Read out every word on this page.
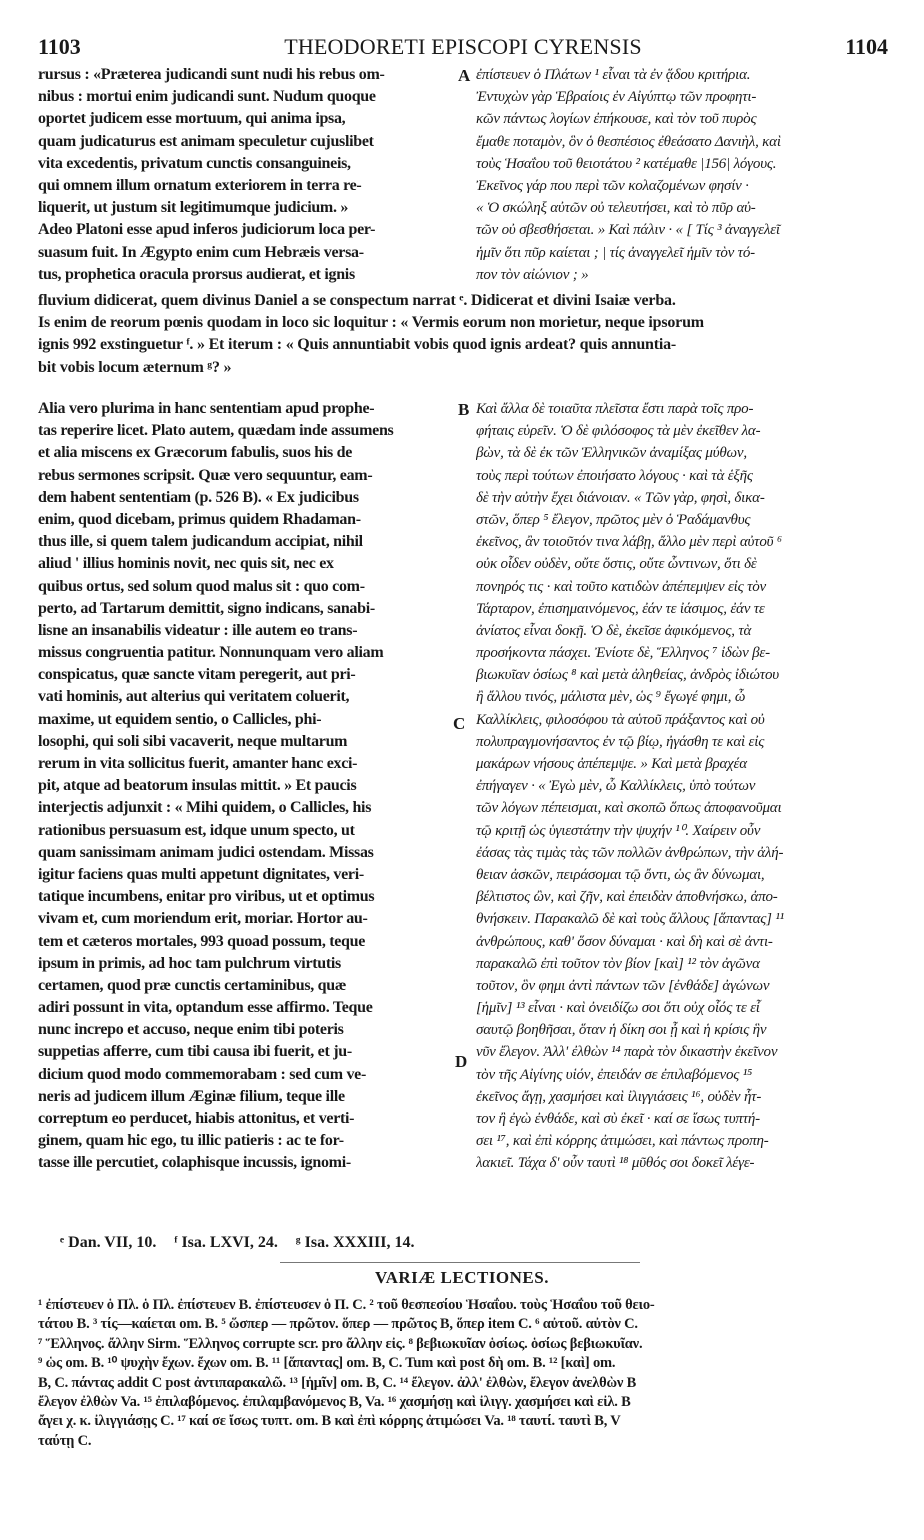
1103	THEODORETI EPISCOPI CYRENSIS	1104
rursus : «Præterea judicandi sunt nudi his rebus om-
nibus : mortui enim judicandi sunt. Nudum quoque
oportet judicem esse mortuum, qui anima ipsa,
quam judicaturus est animam speculetur cujuslibet
vita excedentis, privatum cunctis consanguineis,
qui omnem illum ornatum exteriorem in terra re-
liquerit, ut justum sit legitimumque judicium. »
Adeo Platoni esse apud inferos judiciorum loca per-
suasum fuit. In Ægypto enim cum Hebræis versa-
tus, prophetica oracula prorsus audierat, et ignis
A ἐπίστευεν ὁ Πλάτων ¹ εἶναι τὰ ἐν ᾅδου κριτήρια.
Ἐντυχὼν γὰρ Ἑβραίοις ἐν Αἰγύπτῳ τῶν προφητι-
κῶν πάντως λογίων ἐπήκουσε, καὶ τὸν τοῦ πυρὸς
ἔμαθε ποταμὸν, ὃν ὁ θεσπέσιος ἐθεάσατο Δανιὴλ, καὶ
τοὺς Ἡσαΐου τοῦ θειοτάτου ² κατέμαθε |156| λόγους.
Ἐκεῖνος γάρ που περὶ τῶν κολαζομένων φησίν ·
« Ὁ σκώληξ αὐτῶν οὐ τελευτήσει, καὶ τὸ πῦρ αὐ-
τῶν οὐ σβεσθήσεται. » Καὶ πάλιν · « [ Τίς ³ ἀναγγελεῖ
ἡμῖν ὅτι πῦρ καίεται ; | τίς ἀναγγελεῖ ἡμῖν τὸν τό-
πον τὸν αἰώνιον ; »
fluvium didicerat, quem divinus Daniel a se conspectum narrat ᵉ. Didicerat et divini Isaiæ verba.
Is enim de reorum pœnis quodam in loco sic loquitur : « Vermis eorum non morietur, neque ipsorum
ignis 992 exstinguetur ᶠ. » Et iterum : « Quis annuntiabit vobis quod ignis ardeat? quis annuntia-
bit vobis locum æternum ᵍ? »
Alia vero plurima in hanc sententiam apud prophe-
tas reperire licet. Plato autem, quædam inde assumens
et alia miscens ex Græcorum fabulis, suos his de
rebus sermones scripsit. Quæ vero sequuntur, eam-
dem habent sententiam (p. 526 B). « Ex judicibus
enim, quod dicebam, primus quidem Rhadaman-
thus ille, si quem talem judicandum accipiat, nihil
aliud ' illius hominis novit, nec quis sit, nec ex
quibus ortus, sed solum quod malus sit : quo com-
perto, ad Tartarum demittit, signo indicans, sanabi-
lisne an insanabilis videatur : ille autem eo trans-
missus congruentia patitur. Nonnunquam vero aliam
conspicatus, quæ sancte vitam peregerit, aut pri-
vati hominis, aut alterius qui veritatem coluerit,
maxime, ut equidem sentio, o Callicles, phi-
losophi, qui soli sibi vacaverit, neque multarum
rerum in vita sollicitus fuerit, amanter hanc exci-
pit, atque ad beatorum insulas mittit. » Et paucis
interjectis adjunxit : « Mihi quidem, o Callicles, his
rationibus persuasum est, idque unum specto, ut
quam sanissimam animam judici ostendam. Missas
igitur faciens quas multi appetunt dignitates, veri-
tatique incumbens, enitar pro viribus, ut et optimus
vivam et, cum moriendum erit, moriar. Hortor au-
tem et cæteros mortales, 993 quoad possum, teque
ipsum in primis, ad hoc tam pulchrum virtutis
certamen, quod præ cunctis certaminibus, quæ
adiri possunt in vita, optandum esse affirmo. Teque
nunc increpo et accuso, neque enim tibi poteris
suppetias afferre, cum tibi causa ibi fuerit, et ju-
dicium quod modo commemorabam : sed cum ve-
neris ad judicem illum Æginæ filium, teque ille
correptum eo perducet, hiabis attonitus, et verti-
ginem, quam hic ego, tu illic patieris : ac te for-
tasse ille percutiet, colaphisque incussis, ignomi-
Καὶ ἄλλα δὲ τοιαῦτα πλεῖστα ἔστι παρὰ τοῖς προ-
φήταις εὑρεῖν. Ὁ δὲ φιλόσοφος τὰ μὲν ἐκεῖθεν λα-
βὼν, τὰ δὲ ἐκ τῶν Ἑλληνικῶν ἀναμίξας μύθων,
τοὺς περὶ τούτων ἐποιήσατο λόγους · καὶ τὰ ἑξῆς
δὲ τὴν αὐτὴν ἔχει διάνοιαν. « Τῶν γὰρ, φησὶ, δικα-
στῶν, ὅπερ ⁵ ἔλεγον, πρῶτος μὲν ὁ Ῥαδάμανθυς
ἐκεῖνος, ἂν τοιοῦτόν τινα λάβῃ, ἄλλο μὲν περὶ αὐτοῦ ⁶
οὐκ οἶδεν οὐδὲν, οὔτε ὅστις, οὔτε ὧντινων, ὅτι δὲ
πονηρός τις · καὶ τοῦτο κατιδὼν ἀπέπεμψεν εἰς τὸν
Τάρταρον, ἐπισημαινόμενος, ἐάν τε ἰάσιμος, ἐάν τε
ἀνίατος εἶναι δοκῇ. Ὁ δὲ, ἐκεῖσε ἀφικόμενος, τὰ
προσήκοντα πάσχει. Ἐνίοτε δὲ, Ἕλληνος ⁷ ἰδὼν βε-
βιωκυῖαν ὁσίως ⁸ καὶ μετὰ ἀληθείας, ἀνδρὸς ἰδιώτου
ἢ ἄλλου τινός, μάλιστα μὲν, ὡς ⁹ ἔγωγέ φημι, ὦ
Καλλίκλεις, φιλοσόφου τὰ αὑτοῦ πράξαντος καὶ οὐ
πολυπραγμονήσαντος ἐν τῷ βίῳ, ἠγάσθη τε καὶ εἰς
μακάρων νήσους ἀπέπεμψε. » Καὶ μετὰ βραχέα
ἐπήγαγεν · « Ἐγὼ μὲν, ὦ Καλλίκλεις, ὑπὸ τούτων
τῶν λόγων πέπεισμαι, καὶ σκοπῶ ὅπως ἀποφανοῦμαι
τῷ κριτῇ ὡς ὑγιεστάτην τὴν ψυχήν ¹⁰. Χαίρειν οὖν
ἐάσας τὰς τιμὰς τὰς τῶν πολλῶν ἀνθρώπων, τὴν ἀλή-
θειαν ἀσκῶν, πειράσομαι τῷ ὄντι, ὡς ἂν δύνωμαι,
βέλτιστος ὢν, καὶ ζῆν, καὶ ἐπειδὰν ἀποθνήσκω, ἀπο-
θνήσκειν. Παρακαλῶ δὲ καὶ τοὺς ἄλλους [ἅπαντας] ¹¹
ἀνθρώπους, καθ' ὅσον δύναμαι · καὶ δὴ καὶ σὲ ἀντι-
παρακαλῶ ἐπὶ τοῦτον τὸν βίον [καὶ] ¹² τὸν ἀγῶνα
τοῦτον, ὃν φημι ἀντὶ πάντων τῶν [ἐνθάδε] ἀγώνων
[ἡμῖν] ¹³ εἶναι · καὶ ὀνειδίζω σοι ὅτι οὐχ οἷός τε εἶ
σαυτῷ βοηθῆσαι, ὅταν ἡ δίκη σοι ᾖ καὶ ἡ κρίσις ἣν
νῦν ἔλεγον. Ἀλλ' ἐλθὼν ¹⁴ παρὰ τὸν δικαστὴν ἐκεῖνον
τὸν τῆς Αἰγίνης υἱόν, ἐπειδάν σε ἐπιλαβόμενος ¹⁵
ἐκεῖνος ἄγῃ, χασμήσει καὶ ἰλιγγιάσεις ¹⁶, οὐδὲν ἧτ-
τον ἢ ἐγὼ ἐνθάδε, καὶ σὺ ἐκεῖ · καί σε ἴσως τυπτή-
σει ¹⁷, καὶ ἐπὶ κόρρης ἀτιμώσει, καὶ πάντως προπη-
λακιεῖ. Τάχα δ' οὖν ταυτὶ ¹⁸ μῦθός σοι δοκεῖ λέγε-
B
C
D
ᵉ Dan. VII, 10. ᶠ Isa. LXVI, 24. ᵍ Isa. XXXIII, 14.
VARIÆ LECTIONES.
¹ ἐπίστευεν ὁ Πλ. ὁ Πλ. ἐπίστευεν B. ἐπίστευσεν ὁ Π. C. ² τοῦ θεσπεσίου Ἡσαΐου. τοὺς Ἡσαΐου τοῦ θειο-
τάτου B. ³ τίς—καίεται om. B. ⁵ ὥσπερ — πρῶτον. ὅπερ — πρῶτος B, ὅπερ item C. ⁶ αὐτοῦ. αὐτὸν C.
⁷ Ἕλληνος. ἄλλην Sirm. Ἕλληνος corrupte scr. pro ἄλλην εἰς. ⁸ βεβιωκυῖαν ὁσίως. ὁσίως βεβιωκυῖαν.
⁹ ὡς om. B. ¹⁰ ψυχὴν ἔχων. ἔχων om. B. ¹¹ [ἅπαντας] om. B, C. Tum καὶ post δὴ om. B. ¹² [καὶ] om.
B, C. πάντας addit C post ἀντιπαρακαλῶ. ¹³ [ἡμῖν] om. B, C. ¹⁴ ἔλεγον. ἀλλ' ἐλθὼν, ἔλεγον ἀνελθὼν B
ἔλεγον ἐλθὼν Va. ¹⁵ ἐπιλαβόμενος. ἐπιλαμβανόμενος B, Va. ¹⁶ χασμήσῃ καὶ ἰλιγγ. χασμήσει καὶ εἰλ. B
ἄγει χ. κ. ἰλιγγιάσῃς C. ¹⁷ καί σε ἴσως τυπτ. om. B καὶ ἐπὶ κόρρης ἀτιμώσει Va. ¹⁸ ταυτί. ταυτὶ B, V
ταύτῃ C.
